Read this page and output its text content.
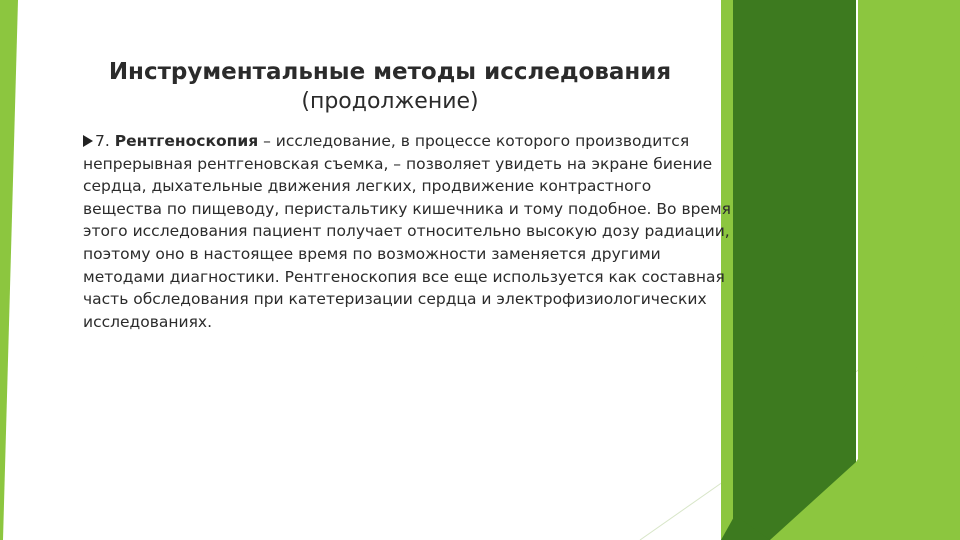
Инструментальные методы исследования
(продолжение)
7. Рентгеноскопия – исследование, в процессе которого производится непрерывная рентгеновская съемка, – позволяет увидеть на экране биение сердца, дыхательные движения легких, продвижение контрастного вещества по пищеводу, перистальтику кишечника и тому подобное. Во время этого исследования пациент получает относительно высокую дозу радиации, поэтому оно в настоящее время по возможности заменяется другими методами диагностики. Рентгеноскопия все еще используется как составная часть обследования при катетеризации сердца и электрофизиологических исследованиях.
